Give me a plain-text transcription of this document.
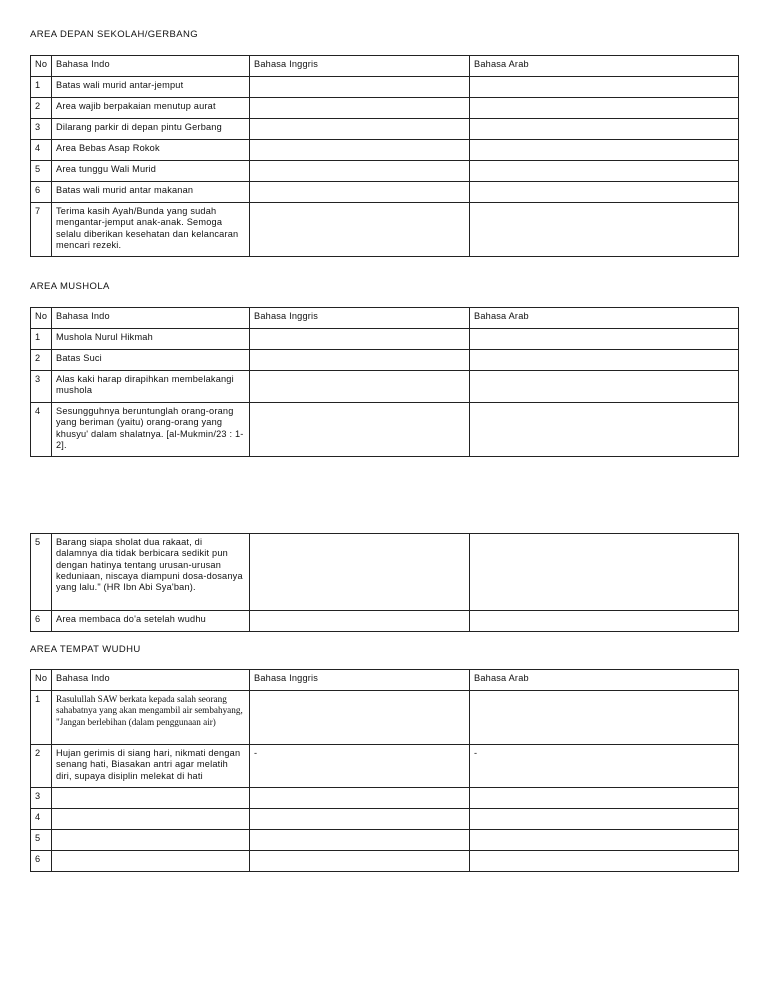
AREA DEPAN SEKOLAH/GERBANG
No	Bahasa Indo	Bahasa Inggris	Bahasa Arab
1	Batas wali murid antar-jemput		
2	Area wajib berpakaian menutup aurat		
3	Dilarang parkir di depan pintu Gerbang		
4	Area Bebas Asap Rokok		
5	Area tunggu Wali Murid		
6	Batas wali murid antar makanan		
7	Terima kasih Ayah/Bunda yang sudah mengantar-jemput anak-anak. Semoga selalu diberikan kesehatan dan kelancaran mencari rezeki.		
AREA MUSHOLA
No	Bahasa Indo	Bahasa Inggris	Bahasa Arab
1	Mushola Nurul Hikmah		
2	Batas Suci		
3	Alas kaki harap dirapihkan membelakangi mushola		
4	Sesungguhnya beruntunglah orang-orang yang beriman (yaitu) orang-orang yang khusyu' dalam shalatnya. [al-Mukmin/23 : 1-2].		
5	Barang siapa sholat dua rakaat, di dalamnya dia tidak berbicara sedikit pun dengan hatinya tentang urusan-urusan keduniaan, niscaya diampuni dosa-dosanya yang lalu." (HR Ibn Abi Sya'ban).		
6	Area membaca do'a setelah wudhu		
AREA TEMPAT WUDHU
No	Bahasa Indo	Bahasa Inggris	Bahasa Arab
1	Rasulullah SAW berkata kepada salah seorang sahabatnya yang akan mengambil air sembahyang, "Jangan berlebihan (dalam penggunaan air)		
2	Hujan gerimis di siang hari, nikmati dengan senang hati, Biasakan antri agar melatih diri, supaya disiplin melekat di hati	-	-
3			
4			
5			
6			
